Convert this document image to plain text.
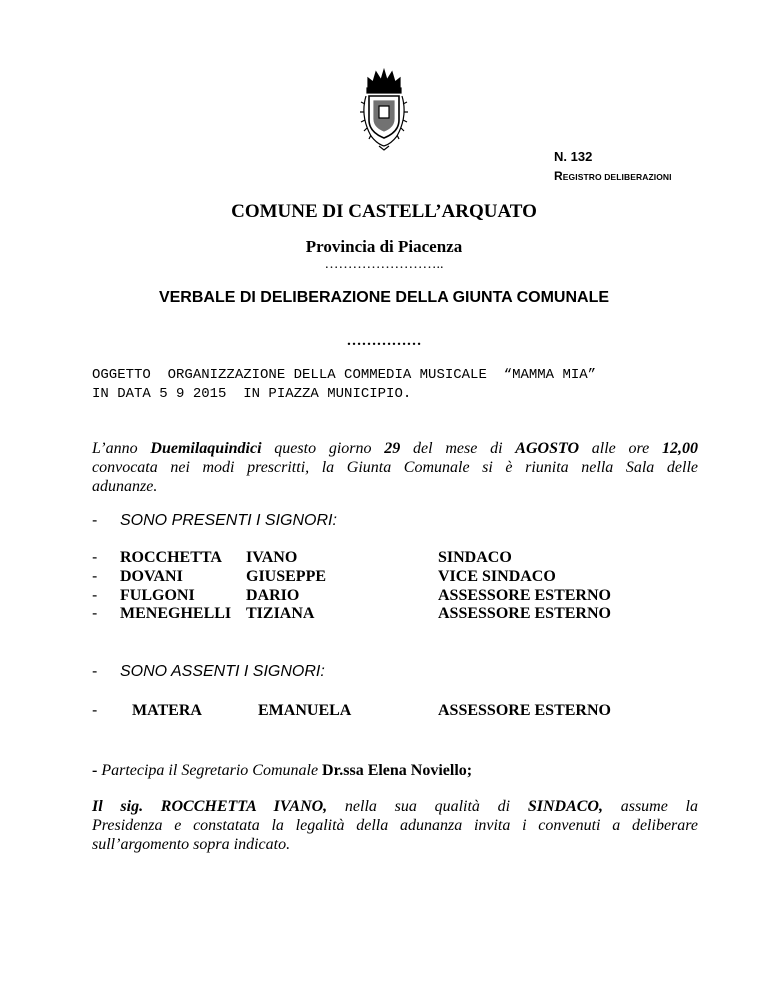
N. 132
REGISTRO DELIBERAZIONI
COMUNE DI CASTELL’ARQUATO
Provincia di Piacenza
……………………..
VERBALE DI DELIBERAZIONE DELLA GIUNTA COMUNALE
……………
OGGETTO  ORGANIZZAZIONE DELLA COMMEDIA MUSICALE  “MAMMA MIA”
IN DATA 5 9 2015  IN PIAZZA MUNICIPIO.
L’anno Duemilaquindici questo giorno 29 del mese di AGOSTO alle ore 12,00
convocata nei modi prescritti, la Giunta Comunale si è riunita nella Sala delle
adunanze.
- SONO PRESENTI I SIGNORI:
- ROCCHETTA IVANO	SINDACO
- DOVANI	GIUSEPPE	VICE SINDACO
- FULGONI	DARIO	ASSESSORE ESTERNO
- MENEGHELLI TIZIANA	ASSESSORE ESTERNO
- SONO ASSENTI I SIGNORI:
- MATERA	EMANUELA	ASSESSORE ESTERNO
- Partecipa il Segretario Comunale Dr.ssa Elena Noviello;
Il sig. ROCCHETTA IVANO, nella sua qualità di SINDACO, assume la
Presidenza e constatata la legalità della adunanza invita i convenuti a deliberare
sull’argomento sopra indicato.
